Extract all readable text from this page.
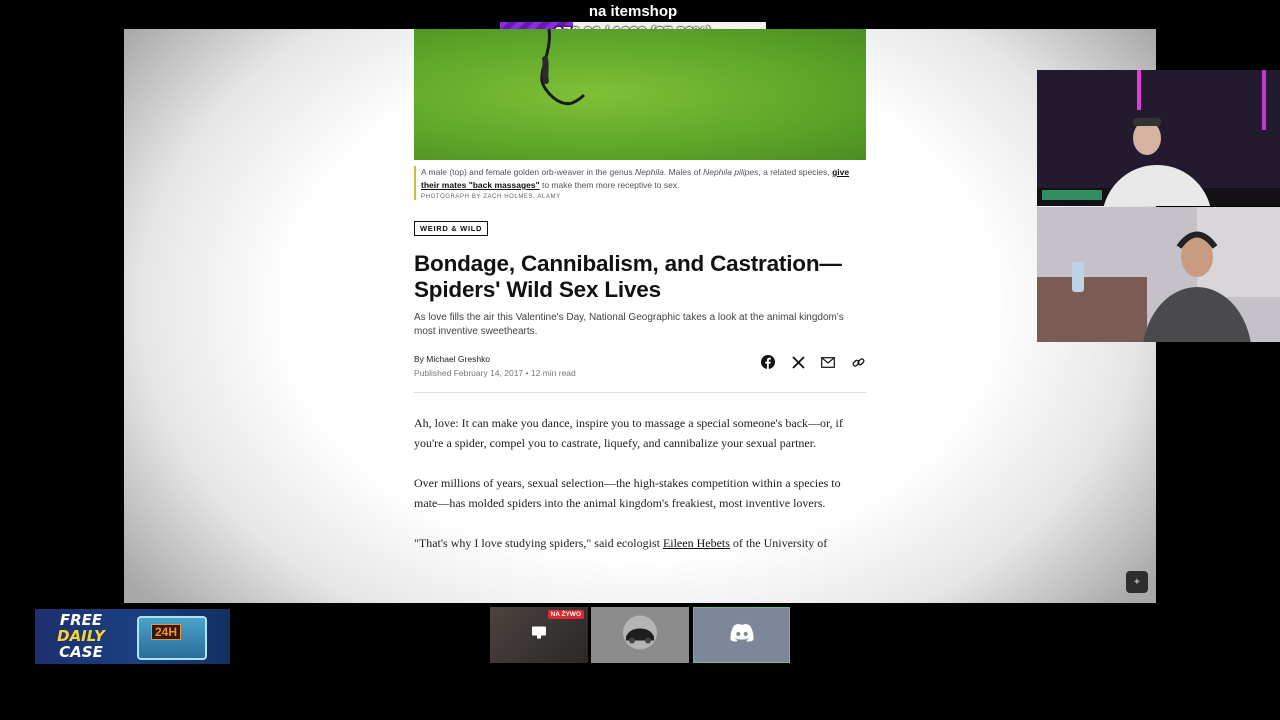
na itemshop
A male (top) and female golden orb-weaver in the genus Nephila. Males of Nephila pilipes, a related species, give their mates "back massages" to make them more receptive to sex.
PHOTOGRAPH BY ZACH HOLMES, ALAMY
WEIRD & WILD
Bondage, Cannibalism, and Castration—Spiders' Wild Sex Lives
As love fills the air this Valentine's Day, National Geographic takes a look at the animal kingdom's most inventive sweethearts.
By Michael Greshko
Published February 14, 2017 • 12 min read

Ah, love: It can make you dance, inspire you to massage a special someone's back—or, if you're a spider, compel you to castrate, liquefy, and cannibalize your sexual partner.

Over millions of years, sexual selection—the high-stakes competition within a species to mate—has molded spiders into the animal kingdom's freakiest, most inventive lovers.

"That's why I love studying spiders," said ecologist Eileen Hebets of the University of

✦
FREE
DAILY
CASE
24H
NA ŻYWO
